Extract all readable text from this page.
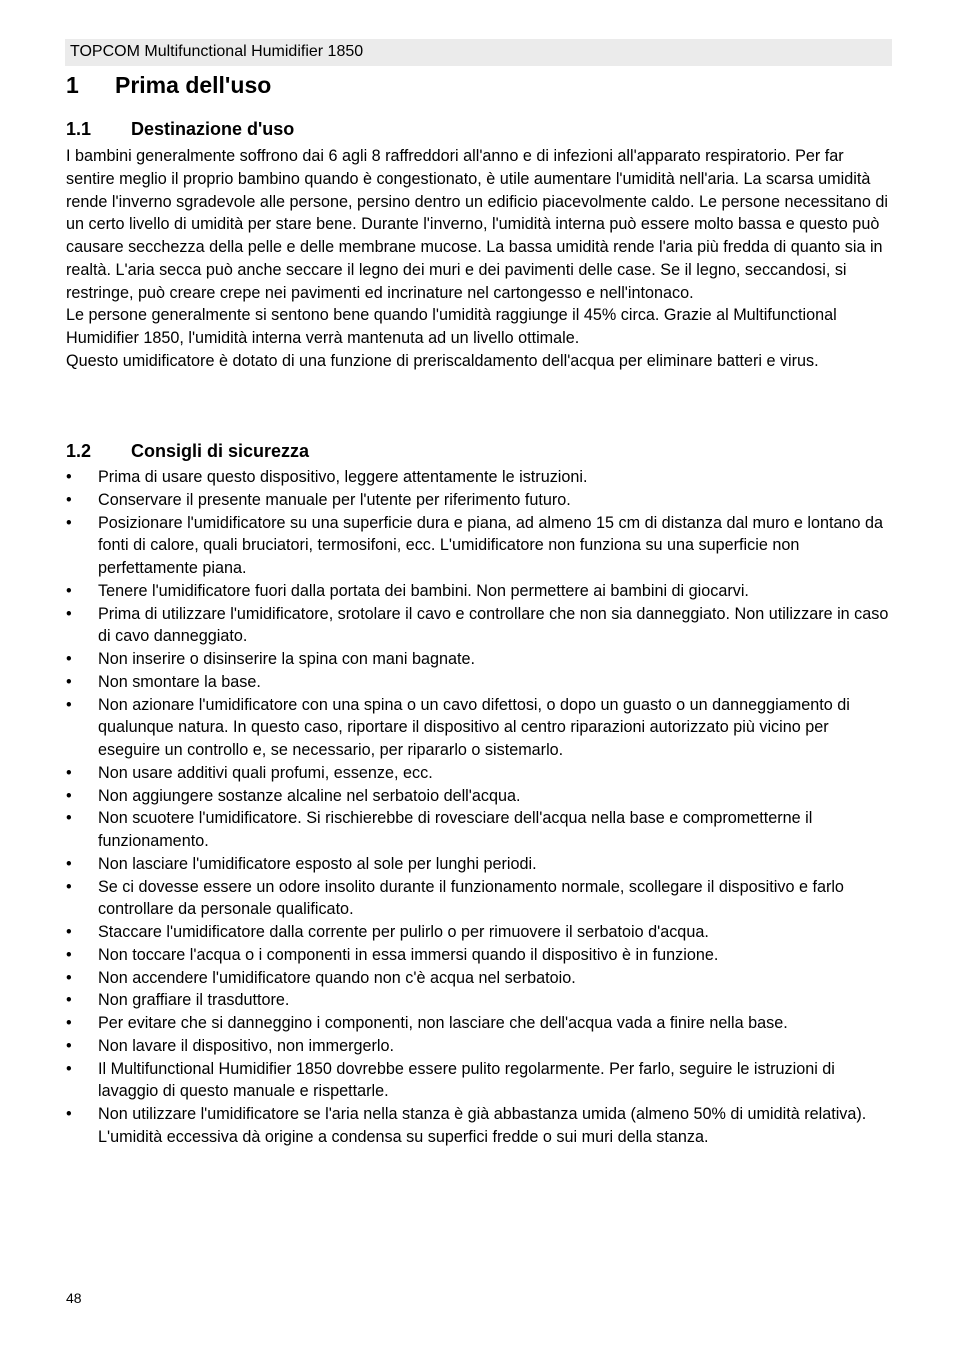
TOPCOM Multifunctional Humidifier 1850
1 Prima dell'uso
1.1 Destinazione d'uso

I bambini generalmente soffrono dai 6 agli 8 raffreddori all'anno e di infezioni all'apparato respiratorio. Per far sentire meglio il proprio bambino quando è congestionato, è utile aumentare l'umidità nell'aria. La scarsa umidità rende l'inverno sgradevole alle persone, persino dentro un edificio piacevolmente caldo. Le persone necessitano di un certo livello di umidità per stare bene. Durante l'inverno, l'umidità interna può essere molto bassa e questo può causare secchezza della pelle e delle membrane mucose. La bassa umidità rende l'aria più fredda di quanto sia in realtà. L'aria secca può anche seccare il legno dei muri e dei pavimenti delle case. Se il legno, seccandosi, si restringe, può creare crepe nei pavimenti ed incrinature nel cartongesso e nell'intonaco.

Le persone generalmente si sentono bene quando l'umidità raggiunge il 45% circa. Grazie al Multifunctional Humidifier 1850, l'umidità interna verrà mantenuta ad un livello ottimale.

Questo umidificatore è dotato di una funzione di preriscaldamento dell'acqua per eliminare batteri e virus.

1.2 Consigli di sicurezza
• Prima di usare questo dispositivo, leggere attentamente le istruzioni.
• Conservare il presente manuale per l'utente per riferimento futuro.
• Posizionare l'umidificatore su una superficie dura e piana, ad almeno 15 cm di distanza dal muro e lontano da fonti di calore, quali bruciatori, termosifoni, ecc. L'umidificatore non funziona su una superficie non perfettamente piana.
• Tenere l'umidificatore fuori dalla portata dei bambini. Non permettere ai bambini di giocarvi.
• Prima di utilizzare l'umidificatore, srotolare il cavo e controllare che non sia danneggiato. Non utilizzare in caso di cavo danneggiato.
• Non inserire o disinserire la spina con mani bagnate.
• Non smontare la base.
• Non azionare l'umidificatore con una spina o un cavo difettosi, o dopo un guasto o un danneggiamento di qualunque natura. In questo caso, riportare il dispositivo al centro riparazioni autorizzato più vicino per eseguire un controllo e, se necessario, per ripararlo o sistemarlo.
• Non usare additivi quali profumi, essenze, ecc.
• Non aggiungere sostanze alcaline nel serbatoio dell'acqua.
• Non scuotere l'umidificatore. Si rischierebbe di rovesciare dell'acqua nella base e comprometterne il funzionamento.
• Non lasciare l'umidificatore esposto al sole per lunghi periodi.
• Se ci dovesse essere un odore insolito durante il funzionamento normale, scollegare il dispositivo e farlo controllare da personale qualificato.
• Staccare l'umidificatore dalla corrente per pulirlo o per rimuovere il serbatoio d'acqua.
• Non toccare l'acqua o i componenti in essa immersi quando il dispositivo è in funzione.
• Non accendere l'umidificatore quando non c'è acqua nel serbatoio.
• Non graffiare il trasduttore.
• Per evitare che si danneggino i componenti, non lasciare che dell'acqua vada a finire nella base.
• Non lavare il dispositivo, non immergerlo.
• Il Multifunctional Humidifier 1850 dovrebbe essere pulito regolarmente. Per farlo, seguire le istruzioni di lavaggio di questo manuale e rispettarle.
• Non utilizzare l'umidificatore se l'aria nella stanza è già abbastanza umida (almeno 50% di umidità relativa). L'umidità eccessiva dà origine a condensa su superfici fredde o sui muri della stanza.
48
